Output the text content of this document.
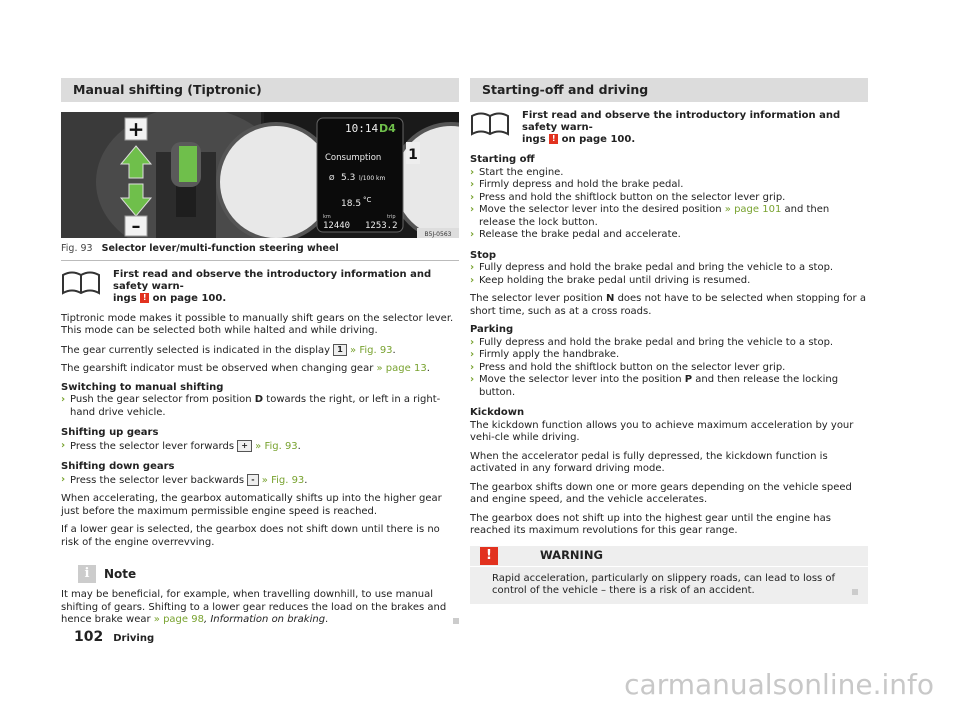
Manual shifting (Tiptronic)
+
–
10:14 D4
Consumption
Ø 5.3 l/100 km
18.5 °C
km	trip
12440 1253.2
1
B5J-0563
Fig. 93 Selector lever/multi-function steering wheel
First read and observe the introductory information and safety warn-
ings ! on page 100.

Tiptronic mode makes it possible to manually shift gears on the selector lever. This mode can be selected both while halted and while driving.

The gear currently selected is indicated in the display 1 » Fig. 93.

The gearshift indicator must be observed when changing gear » page 13.

Switching to manual shifting
› Push the gear selector from position D towards the right, or left in a right-hand drive vehicle.
Shifting up gears
› Press the selector lever forwards + » Fig. 93.
Shifting down gears
› Press the selector lever backwards - » Fig. 93.

When accelerating, the gearbox automatically shifts up into the higher gear just before the maximum permissible engine speed is reached.

If a lower gear is selected, the gearbox does not shift down until there is no risk of the engine overrevving.

i	Note

It may be beneficial, for example, when travelling downhill, to use manual shifting of gears. Shifting to a lower gear reduces the load on the brakes and hence brake wear » page 98, Information on braking.

Starting-off and driving
First read and observe the introductory information and safety warn-
ings ! on page 100.
Starting off
› Start the engine.
› Firmly depress and hold the brake pedal.
› Press and hold the shiftlock button on the selector lever grip.
› Move the selector lever into the desired position » page 101 and then release the lock button.
› Release the brake pedal and accelerate.
Stop
› Fully depress and hold the brake pedal and bring the vehicle to a stop.
› Keep holding the brake pedal until driving is resumed.

The selector lever position N does not have to be selected when stopping for a short time, such as at a cross roads.

Parking
› Fully depress and hold the brake pedal and bring the vehicle to a stop.
› Firmly apply the handbrake.
› Press and hold the shiftlock button on the selector lever grip.
› Move the selector lever into the position P and then release the locking button.
Kickdown

The kickdown function allows you to achieve maximum acceleration by your vehi-cle while driving.

When the accelerator pedal is fully depressed, the kickdown function is activated in any forward driving mode.

The gearbox shifts down one or more gears depending on the vehicle speed and engine speed, and the vehicle accelerates.

The gearbox does not shift up into the highest gear until the engine has reached its maximum revolutions for this gear range.

!	WARNING
Rapid acceleration, particularly on slippery roads, can lead to loss of control of the vehicle – there is a risk of an accident.
102 Driving
carmanualsonline.info
